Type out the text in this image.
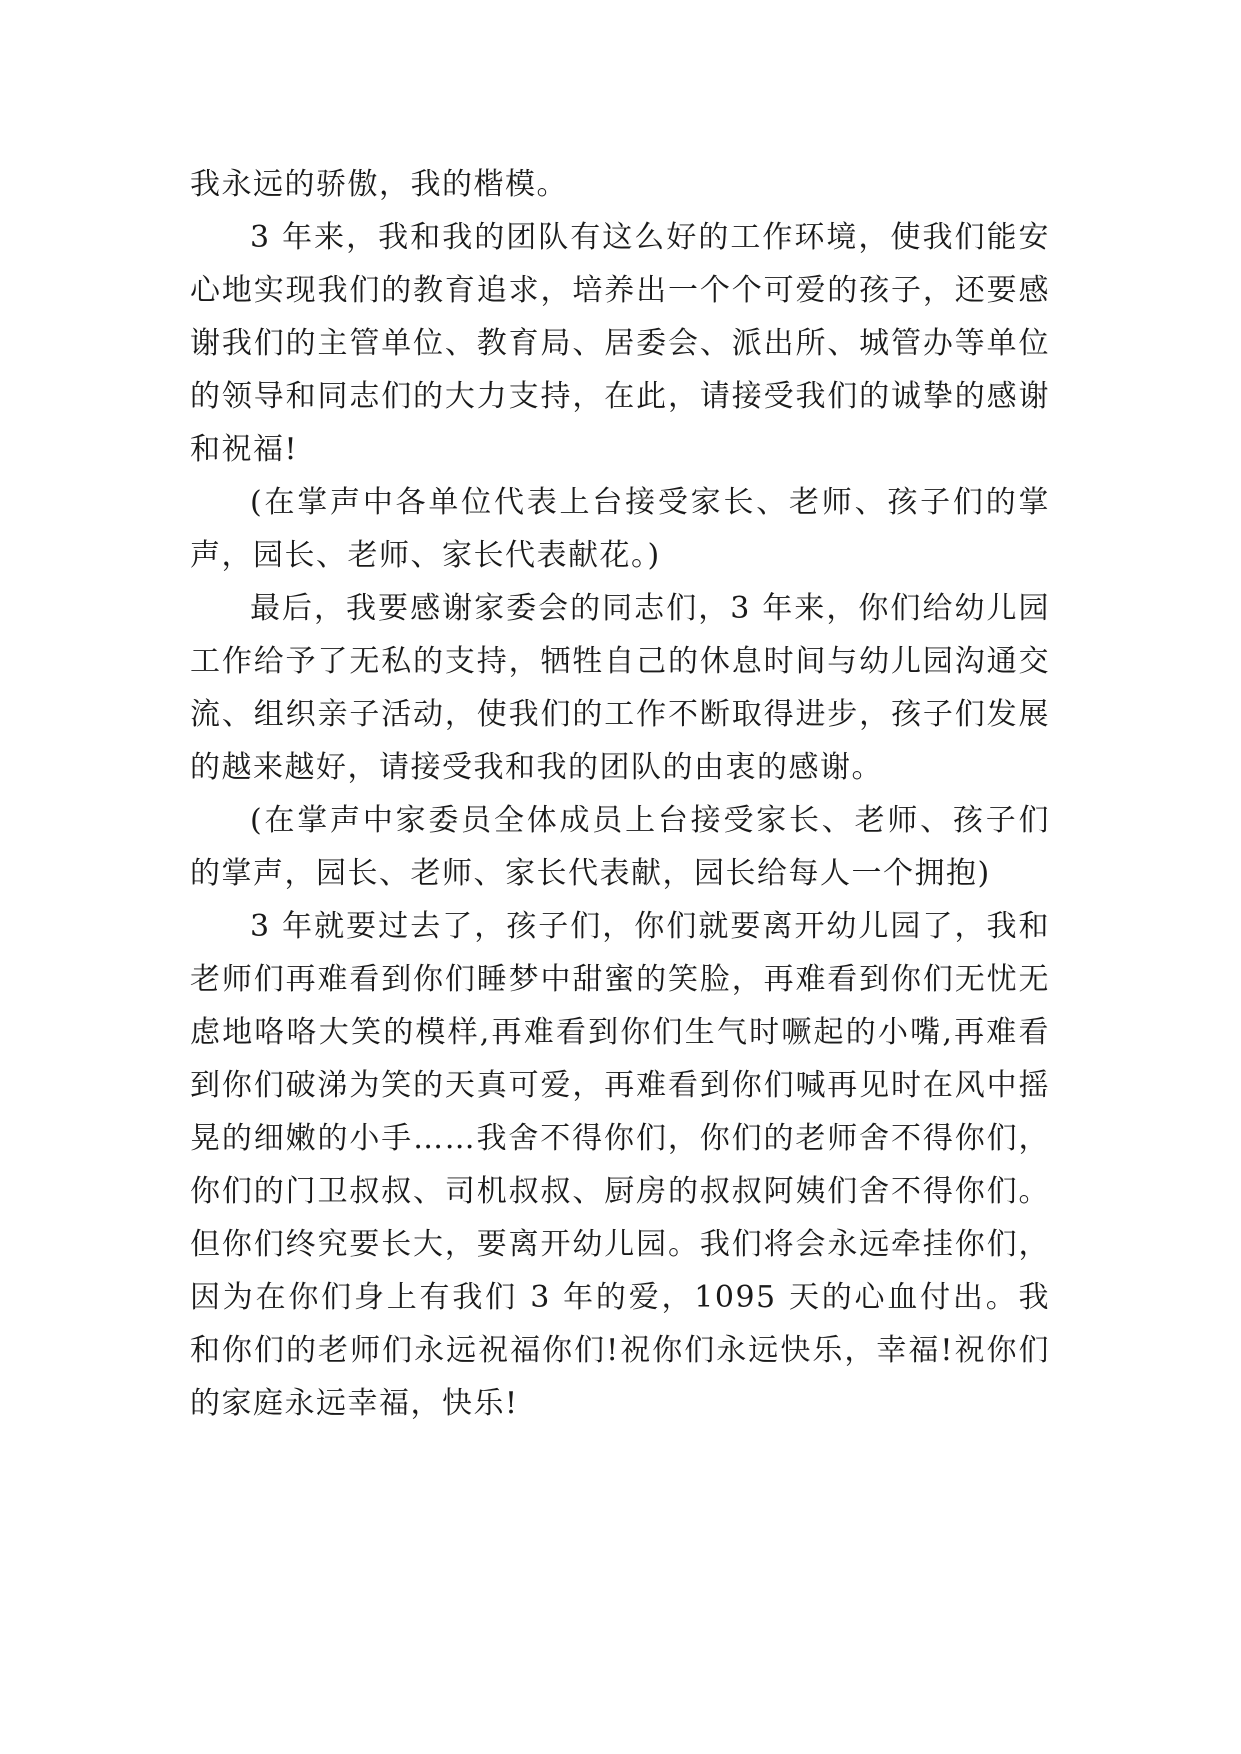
我永远的骄傲，我的楷模。

3 年来，我和我的团队有这么好的工作环境，使我们能安心地实现我们的教育追求，培养出一个个可爱的孩子，还要感谢我们的主管单位、教育局、居委会、派出所、城管办等单位的领导和同志们的大力支持，在此，请接受我们的诚挚的感谢和祝福!

(在掌声中各单位代表上台接受家长、老师、孩子们的掌声，园长、老师、家长代表献花。)

最后，我要感谢家委会的同志们，3 年来，你们给幼儿园工作给予了无私的支持，牺牲自己的休息时间与幼儿园沟通交流、组织亲子活动，使我们的工作不断取得进步，孩子们发展的越来越好，请接受我和我的团队的由衷的感谢。

(在掌声中家委员全体成员上台接受家长、老师、孩子们的掌声，园长、老师、家长代表献，园长给每人一个拥抱)

3 年就要过去了，孩子们，你们就要离开幼儿园了，我和老师们再难看到你们睡梦中甜蜜的笑脸，再难看到你们无忧无虑地咯咯大笑的模样,再难看到你们生气时噘起的小嘴,再难看到你们破涕为笑的天真可爱，再难看到你们喊再见时在风中摇晃的细嫩的小手……我舍不得你们，你们的老师舍不得你们，你们的门卫叔叔、司机叔叔、厨房的叔叔阿姨们舍不得你们。但你们终究要长大，要离开幼儿园。我们将会永远牵挂你们，因为在你们身上有我们 3 年的爱，1095 天的心血付出。我和你们的老师们永远祝福你们!祝你们永远快乐，幸福!祝你们的家庭永远幸福，快乐!
